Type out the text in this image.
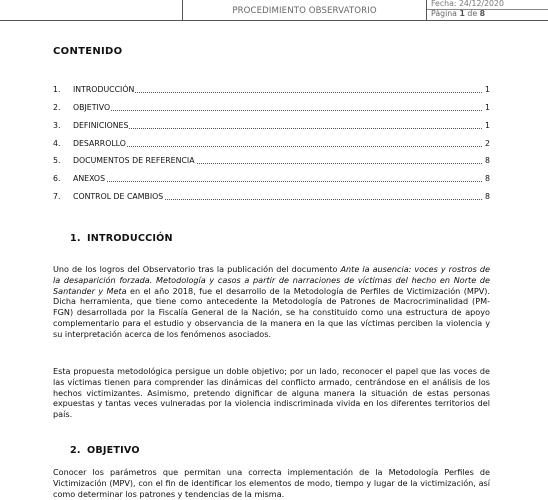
PROCEDIMIENTO OBSERVATORIO
Fecha: 24/12/2020
Página 1 de 8
CONTENIDO
1. INTRODUCCIÓN	1
2. OBJETIVO	1
3. DEFINICIONES	1
4. DESARROLLO	2
5. DOCUMENTOS DE REFERENCIA	8
6. ANEXOS	8
7. CONTROL DE CAMBIOS	8
1. INTRODUCCIÓN
Uno de los logros del Observatorio tras la publicación del documento Ante la ausencia: voces y rostros de la desaparición forzada. Metodología y casos a partir de narraciones de víctimas del hecho en Norte de Santander y Meta en el año 2018, fue el desarrollo de la Metodología de Perfiles de Victimización (MPV). Dicha herramienta, que tiene como antecedente la Metodología de Patrones de Macrocriminalidad (PM-FGN) desarrollada por la Fiscalía General de la Nación, se ha constituido como una estructura de apoyo complementario para el estudio y observancia de la manera en la que las víctimas perciben la violencia y su interpretación acerca de los fenómenos asociados.
Esta propuesta metodológica persigue un doble objetivo; por un lado, reconocer el papel que las voces de las víctimas tienen para comprender las dinámicas del conflicto armado, centrándose en el análisis de los hechos victimizantes. Asimismo, pretendo dignificar de alguna manera la situación de estas personas expuestas y tantas veces vulneradas por la violencia indiscriminada vivida en los diferentes territorios del país.
2. OBJETIVO
Conocer los parámetros que permitan una correcta implementación de la Metodología Perfiles de Victimización (MPV), con el fin de identificar los elementos de modo, tiempo y lugar de la victimización, así como determinar los patrones y tendencias de la misma.
